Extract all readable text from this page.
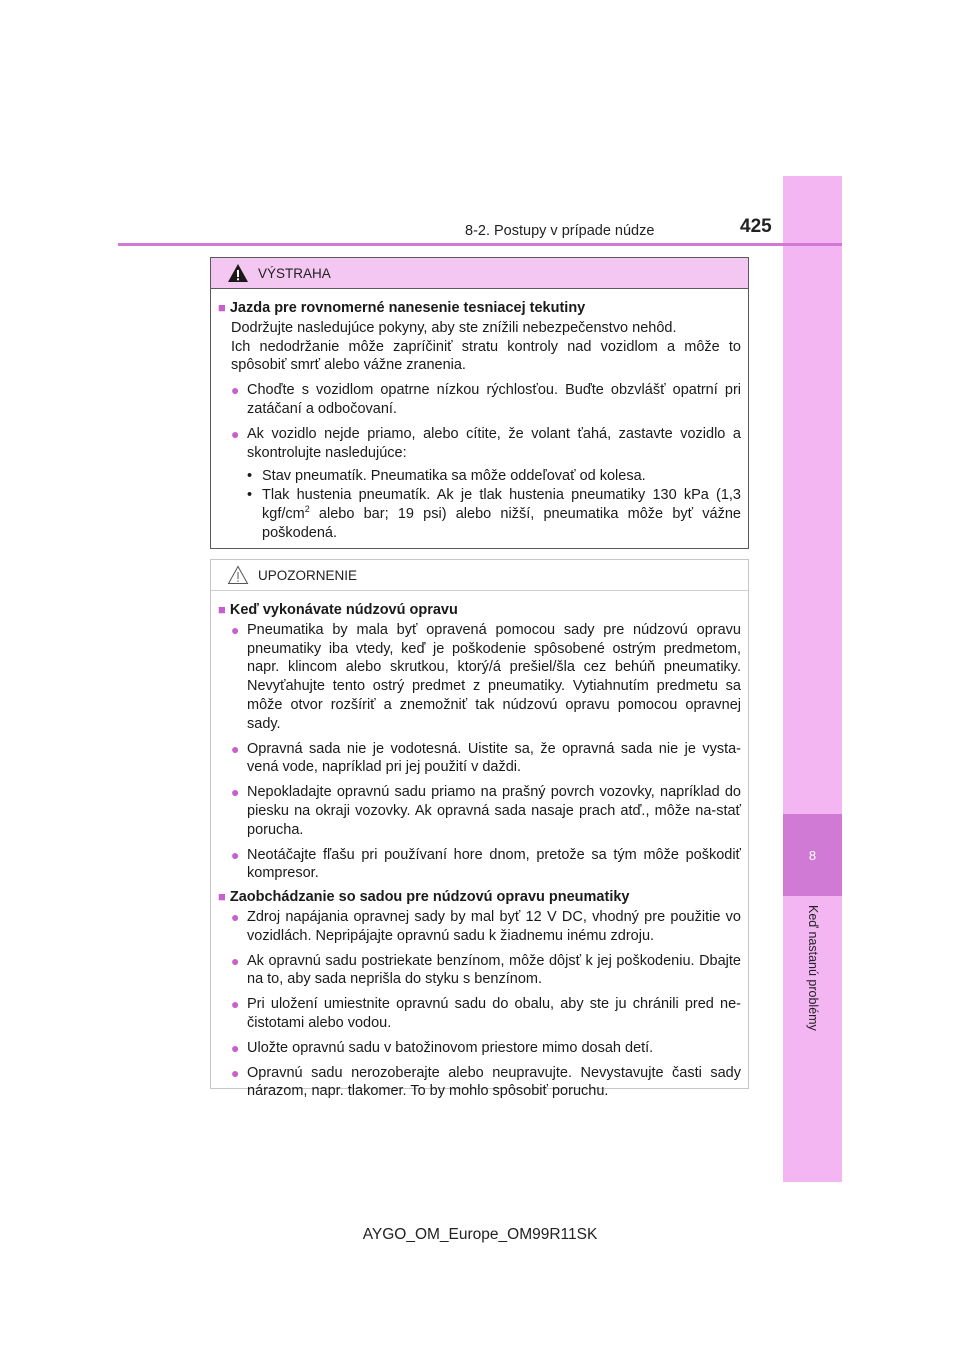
8
Keď nastanú problémy
8-2. Postupy v prípade núdze	425
VÝSTRAHA
■ Jazda pre rovnomerné nanesenie tesniacej tekutiny
Dodržujte nasledujúce pokyny, aby ste znížili nebezpečenstvo nehôd.
Ich nedodržanie môže zapríčiniť stratu kontroly nad vozidlom a môže to spôsobiť smrť alebo vážne zranenia.
● Choďte s vozidlom opatrne nízkou rýchlosťou. Buďte obzvlášť opatrní pri zatáčaní a odbočovaní.
● Ak vozidlo nejde priamo, alebo cítite, že volant ťahá, zastavte vozidlo a skontrolujte nasledujúce:
• Stav pneumatík. Pneumatika sa môže oddeľovať od kolesa.
• Tlak hustenia pneumatík. Ak je tlak hustenia pneumatiky 130 kPa (1,3 kgf/$cm^2$ alebo bar; 19 psi) alebo nižší, pneumatika môže byť vážne poškodená.
UPOZORNENIE
■ Keď vykonávate núdzovú opravu
● Pneumatika by mala byť opravená pomocou sady pre núdzovú opravu pneumatiky iba vtedy, keď je poškodenie spôsobené ostrým predmetom, napr. klincom alebo skrutkou, ktorý/á prešiel/šla cez behúň pneumatiky. Nevyťahujte tento ostrý predmet z pneumatiky. Vytiahnutím predmetu sa môže otvor rozšíriť a znemožniť tak núdzovú opravu pomocou opravnej sady.
● Opravná sada nie je vodotesná. Uistite sa, že opravná sada nie je vysta-vená vode, napríklad pri jej použití v daždi.
● Nepokladajte opravnú sadu priamo na prašný povrch vozovky, napríklad do piesku na okraji vozovky. Ak opravná sada nasaje prach atď., môže na-stať porucha.
● Neotáčajte fľašu pri používaní hore dnom, pretože sa tým môže poškodiť kompresor.
■ Zaobchádzanie so sadou pre núdzovú opravu pneumatiky
● Zdroj napájania opravnej sady by mal byť 12 V DC, vhodný pre použitie vo vozidlách. Nepripájajte opravnú sadu k žiadnemu inému zdroju.
● Ak opravnú sadu postriekate benzínom, môže dôjsť k jej poškodeniu. Dbajte na to, aby sada neprišla do styku s benzínom.
● Pri uložení umiestnite opravnú sadu do obalu, aby ste ju chránili pred ne-čistotami alebo vodou.
● Uložte opravnú sadu v batožinovom priestore mimo dosah detí.
● Opravnú sadu nerozoberajte alebo neupravujte. Nevystavujte časti sady nárazom, napr. tlakomer. To by mohlo spôsobiť poruchu.
AYGO_OM_Europe_OM99R11SK
